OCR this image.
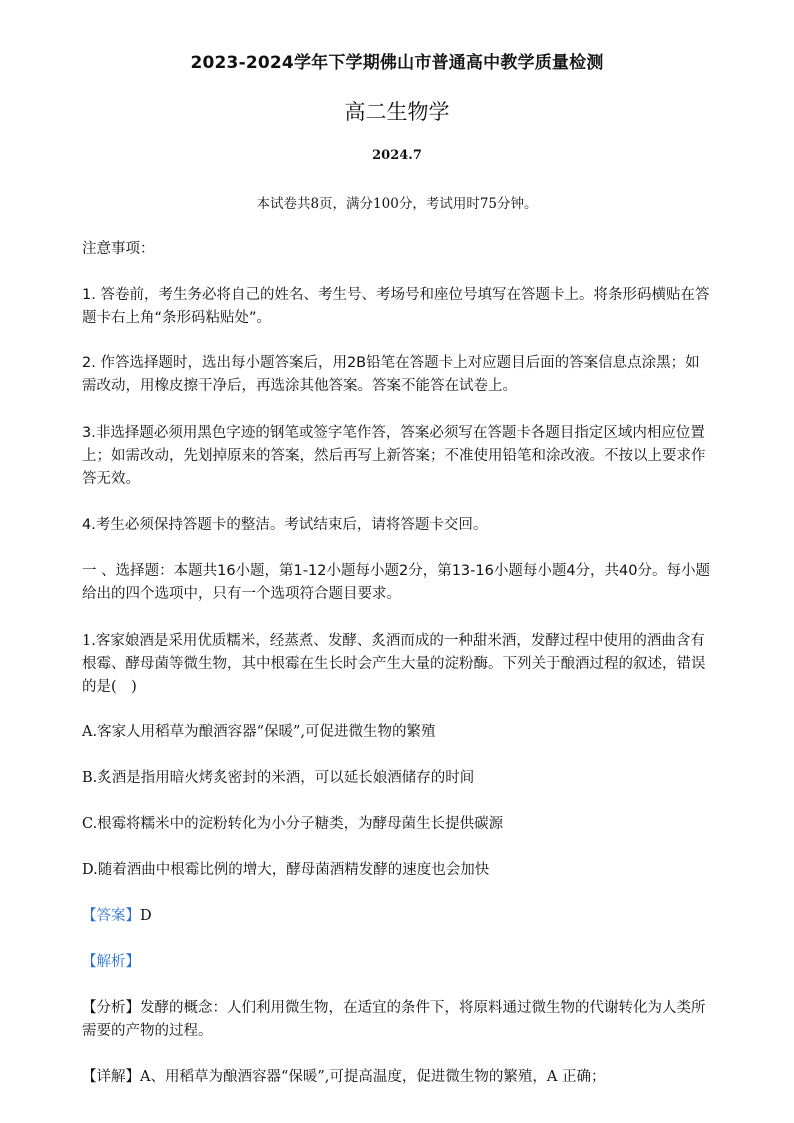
2023-2024学年下学期佛山市普通高中教学质量检测
高二生物学
2024.7
本试卷共8页，满分100分，考试用时75分钟。

注意事项：

1. 答卷前，考生务必将自己的姓名、考生号、考场号和座位号填写在答题卡上。将条形码横贴在答题卡右上角“条形码粘贴处”。

2. 作答选择题时，选出每小题答案后，用2B铅笔在答题卡上对应题目后面的答案信息点涂黑；如需改动，用橡皮擦干净后，再选涂其他答案。答案不能答在试卷上。

3.非选择题必须用黑色字迹的钢笔或签字笔作答，答案必须写在答题卡各题目指定区域内相应位置上；如需改动，先划掉原来的答案，然后再写上新答案；不准使用铅笔和涂改液。不按以上要求作答无效。

4.考生必须保持答题卡的整洁。考试结束后，请将答题卡交回。

一 、选择题：本题共16小题，第1-12小题每小题2分，第13-16小题每小题4分，共40分。每小题给出的四个选项中，只有一个选项符合题目要求。

1.客家娘酒是采用优质糯米，经蒸煮、发酵、炙酒而成的一种甜米酒，发酵过程中使用的酒曲含有根霉、酵母菌等微生物，其中根霉在生长时会产生大量的淀粉酶。下列关于酿酒过程的叙述，错误的是(　)

A.客家人用稻草为酿酒容器“保暖”,可促进微生物的繁殖

B.炙酒是指用暗火烤炙密封的米酒，可以延长娘酒储存的时间

C.根霉将糯米中的淀粉转化为小分子糖类，为酵母菌生长提供碳源

D.随着酒曲中根霉比例的增大，酵母菌酒精发酵的速度也会加快

【答案】D

【解析】

【分析】发酵的概念：人们利用微生物，在适宜的条件下，将原料通过微生物的代谢转化为人类所需要的产物的过程。

【详解】A、用稻草为酿酒容器“保暖”,可提高温度，促进微生物的繁殖，A 正确；
